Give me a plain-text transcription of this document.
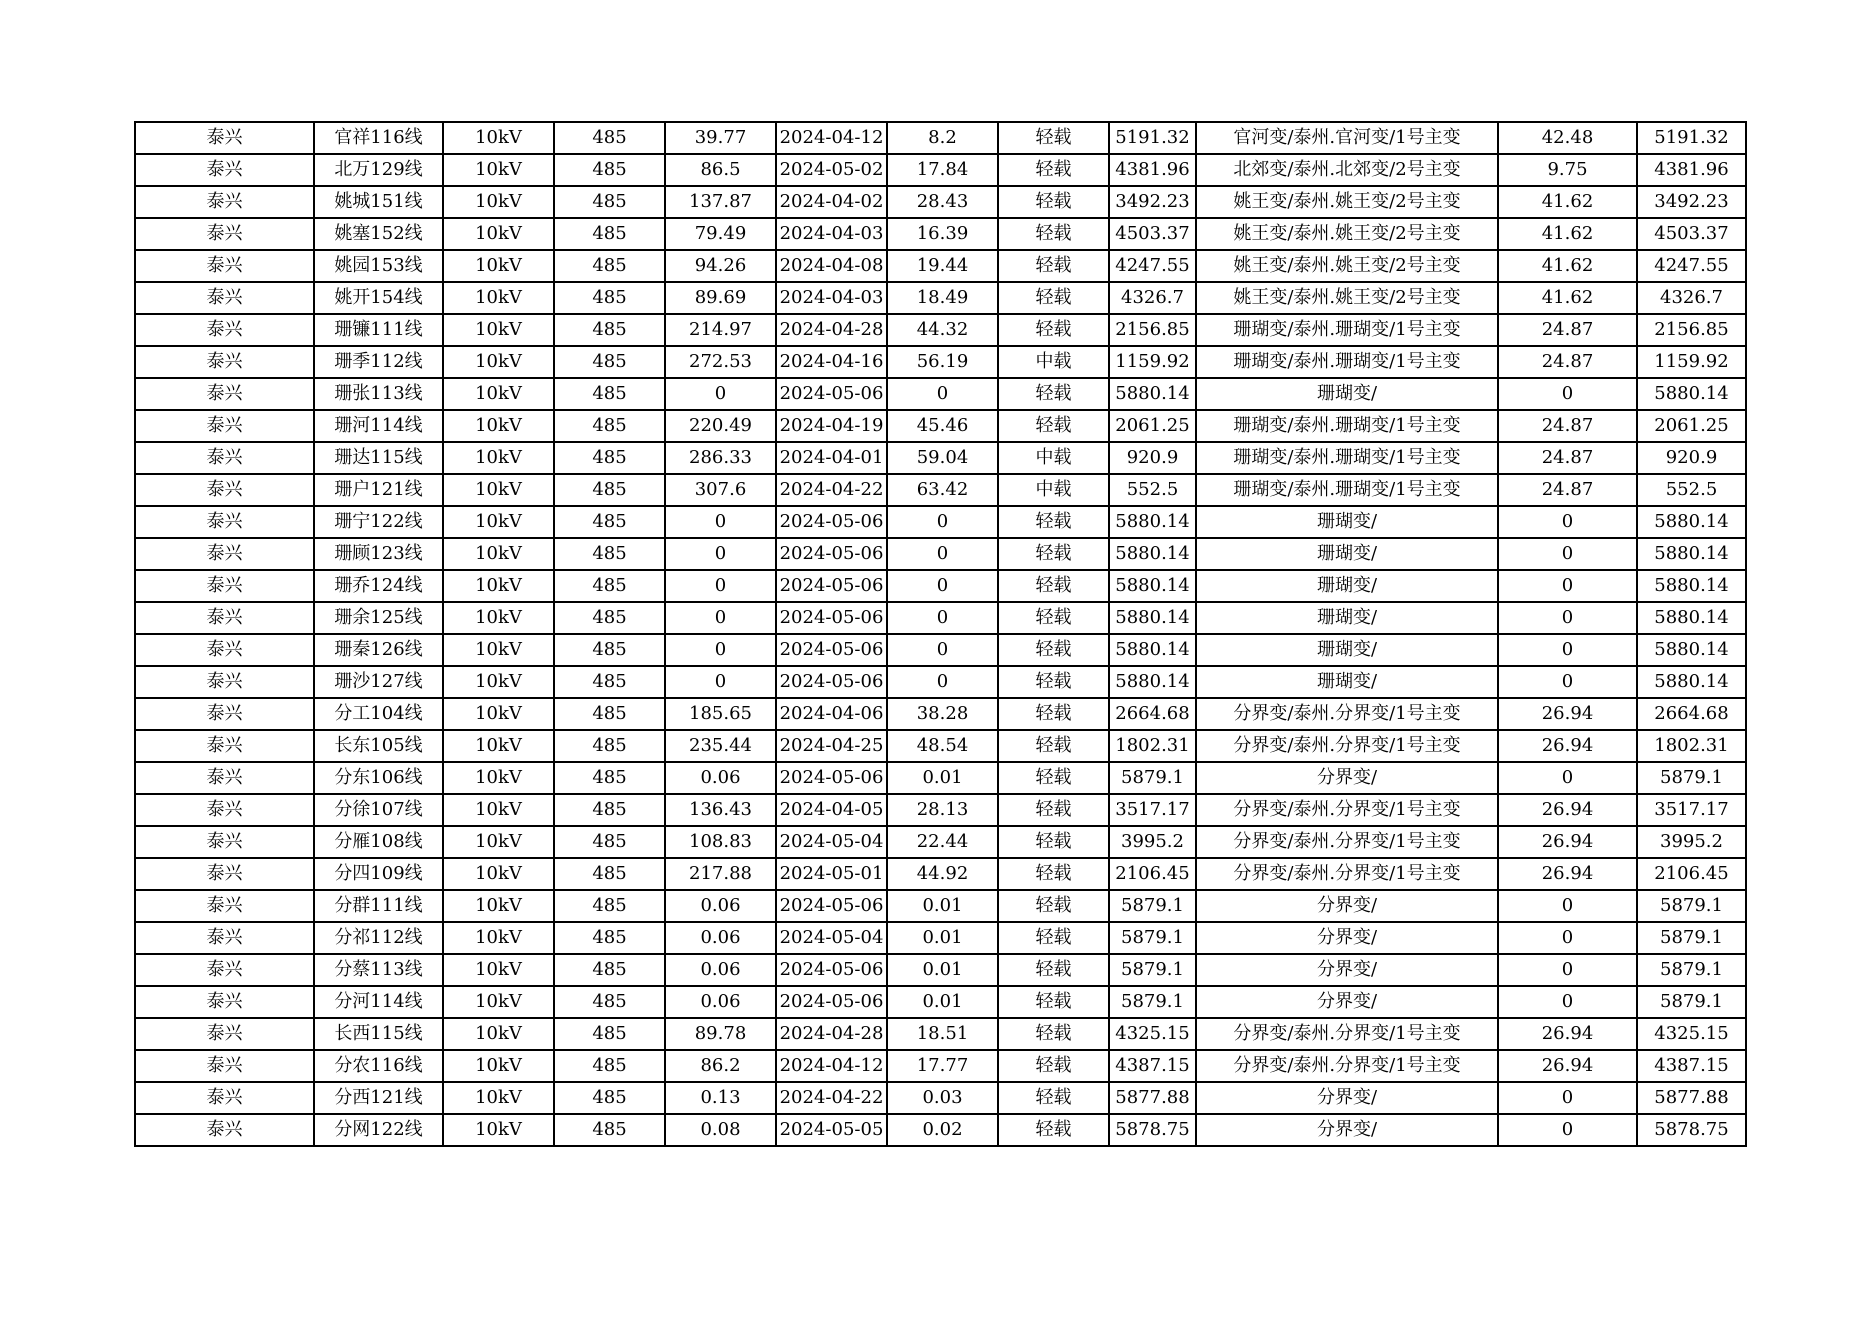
泰兴	官祥116线	10kV	485	39.77	2024-04-12	8.2	轻载	5191.32	官河变/泰州.官河变/1号主变	42.48	5191.32
泰兴	北万129线	10kV	485	86.5	2024-05-02	17.84	轻载	4381.96	北郊变/泰州.北郊变/2号主变	9.75	4381.96
泰兴	姚城151线	10kV	485	137.87	2024-04-02	28.43	轻载	3492.23	姚王变/泰州.姚王变/2号主变	41.62	3492.23
泰兴	姚塞152线	10kV	485	79.49	2024-04-03	16.39	轻载	4503.37	姚王变/泰州.姚王变/2号主变	41.62	4503.37
泰兴	姚园153线	10kV	485	94.26	2024-04-08	19.44	轻载	4247.55	姚王变/泰州.姚王变/2号主变	41.62	4247.55
泰兴	姚开154线	10kV	485	89.69	2024-04-03	18.49	轻载	4326.7	姚王变/泰州.姚王变/2号主变	41.62	4326.7
泰兴	珊镰111线	10kV	485	214.97	2024-04-28	44.32	轻载	2156.85	珊瑚变/泰州.珊瑚变/1号主变	24.87	2156.85
泰兴	珊季112线	10kV	485	272.53	2024-04-16	56.19	中载	1159.92	珊瑚变/泰州.珊瑚变/1号主变	24.87	1159.92
泰兴	珊张113线	10kV	485	0	2024-05-06	0	轻载	5880.14	珊瑚变/	0	5880.14
泰兴	珊河114线	10kV	485	220.49	2024-04-19	45.46	轻载	2061.25	珊瑚变/泰州.珊瑚变/1号主变	24.87	2061.25
泰兴	珊达115线	10kV	485	286.33	2024-04-01	59.04	中载	920.9	珊瑚变/泰州.珊瑚变/1号主变	24.87	920.9
泰兴	珊户121线	10kV	485	307.6	2024-04-22	63.42	中载	552.5	珊瑚变/泰州.珊瑚变/1号主变	24.87	552.5
泰兴	珊宁122线	10kV	485	0	2024-05-06	0	轻载	5880.14	珊瑚变/	0	5880.14
泰兴	珊顾123线	10kV	485	0	2024-05-06	0	轻载	5880.14	珊瑚变/	0	5880.14
泰兴	珊乔124线	10kV	485	0	2024-05-06	0	轻载	5880.14	珊瑚变/	0	5880.14
泰兴	珊余125线	10kV	485	0	2024-05-06	0	轻载	5880.14	珊瑚变/	0	5880.14
泰兴	珊秦126线	10kV	485	0	2024-05-06	0	轻载	5880.14	珊瑚变/	0	5880.14
泰兴	珊沙127线	10kV	485	0	2024-05-06	0	轻载	5880.14	珊瑚变/	0	5880.14
泰兴	分工104线	10kV	485	185.65	2024-04-06	38.28	轻载	2664.68	分界变/泰州.分界变/1号主变	26.94	2664.68
泰兴	长东105线	10kV	485	235.44	2024-04-25	48.54	轻载	1802.31	分界变/泰州.分界变/1号主变	26.94	1802.31
泰兴	分东106线	10kV	485	0.06	2024-05-06	0.01	轻载	5879.1	分界变/	0	5879.1
泰兴	分徐107线	10kV	485	136.43	2024-04-05	28.13	轻载	3517.17	分界变/泰州.分界变/1号主变	26.94	3517.17
泰兴	分雁108线	10kV	485	108.83	2024-05-04	22.44	轻载	3995.2	分界变/泰州.分界变/1号主变	26.94	3995.2
泰兴	分四109线	10kV	485	217.88	2024-05-01	44.92	轻载	2106.45	分界变/泰州.分界变/1号主变	26.94	2106.45
泰兴	分群111线	10kV	485	0.06	2024-05-06	0.01	轻载	5879.1	分界变/	0	5879.1
泰兴	分祁112线	10kV	485	0.06	2024-05-04	0.01	轻载	5879.1	分界变/	0	5879.1
泰兴	分蔡113线	10kV	485	0.06	2024-05-06	0.01	轻载	5879.1	分界变/	0	5879.1
泰兴	分河114线	10kV	485	0.06	2024-05-06	0.01	轻载	5879.1	分界变/	0	5879.1
泰兴	长西115线	10kV	485	89.78	2024-04-28	18.51	轻载	4325.15	分界变/泰州.分界变/1号主变	26.94	4325.15
泰兴	分农116线	10kV	485	86.2	2024-04-12	17.77	轻载	4387.15	分界变/泰州.分界变/1号主变	26.94	4387.15
泰兴	分西121线	10kV	485	0.13	2024-04-22	0.03	轻载	5877.88	分界变/	0	5877.88
泰兴	分网122线	10kV	485	0.08	2024-05-05	0.02	轻载	5878.75	分界变/	0	5878.75
